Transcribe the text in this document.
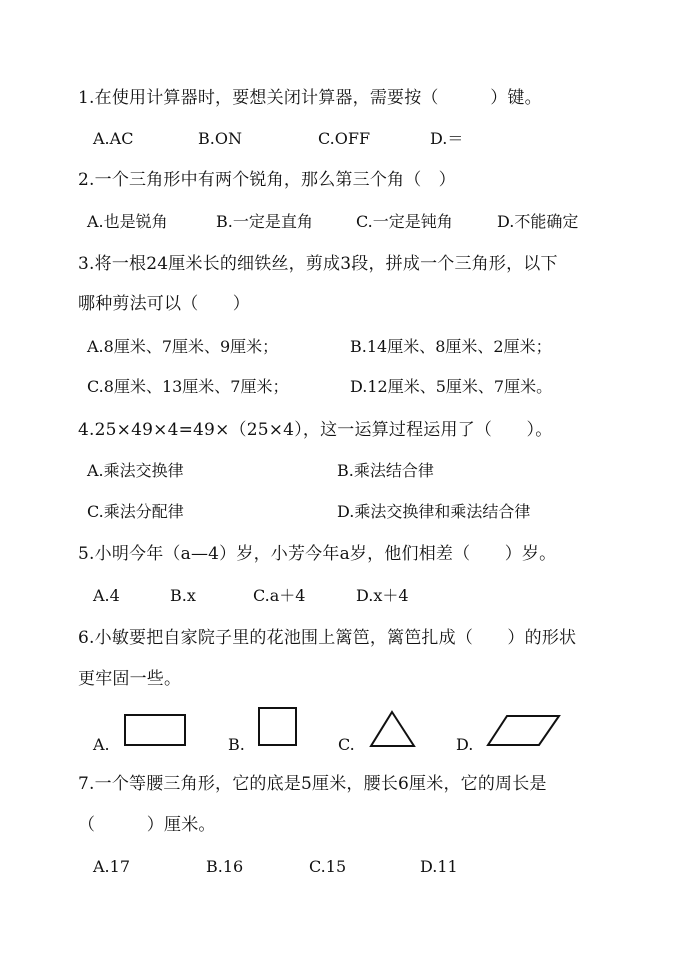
1.在使用计算器时，要想关闭计算器，需要按（　　　）键。
A.AC	B.ON	C.OFF	D.＝
2.一个三角形中有两个锐角，那么第三个角（　）
A.也是锐角	B.一定是直角	C.一定是钝角	D.不能确定
3.将一根24厘米长的细铁丝，剪成3段，拼成一个三角形，以下
哪种剪法可以（　　）
A.8厘米、7厘米、9厘米；	B.14厘米、8厘米、2厘米；
C.8厘米、13厘米、7厘米；	D.12厘米、5厘米、7厘米。
4.25×49×4=49×（25×4），这一运算过程运用了（　　）。
A.乘法交换律	B.乘法结合律
C.乘法分配律	D.乘法交换律和乘法结合律
5.小明今年（a—4）岁，小芳今年a岁，他们相差（　　）岁。
A.4	B.x	C.a＋4	D.x＋4
6.小敏要把自家院子里的花池围上篱笆，篱笆扎成（　　）的形状
更牢固一些。
A.	B.	C.	D.
7.一个等腰三角形，它的底是5厘米，腰长6厘米，它的周长是
（　　　）厘米。
A.17	B.16	C.15	D.11
